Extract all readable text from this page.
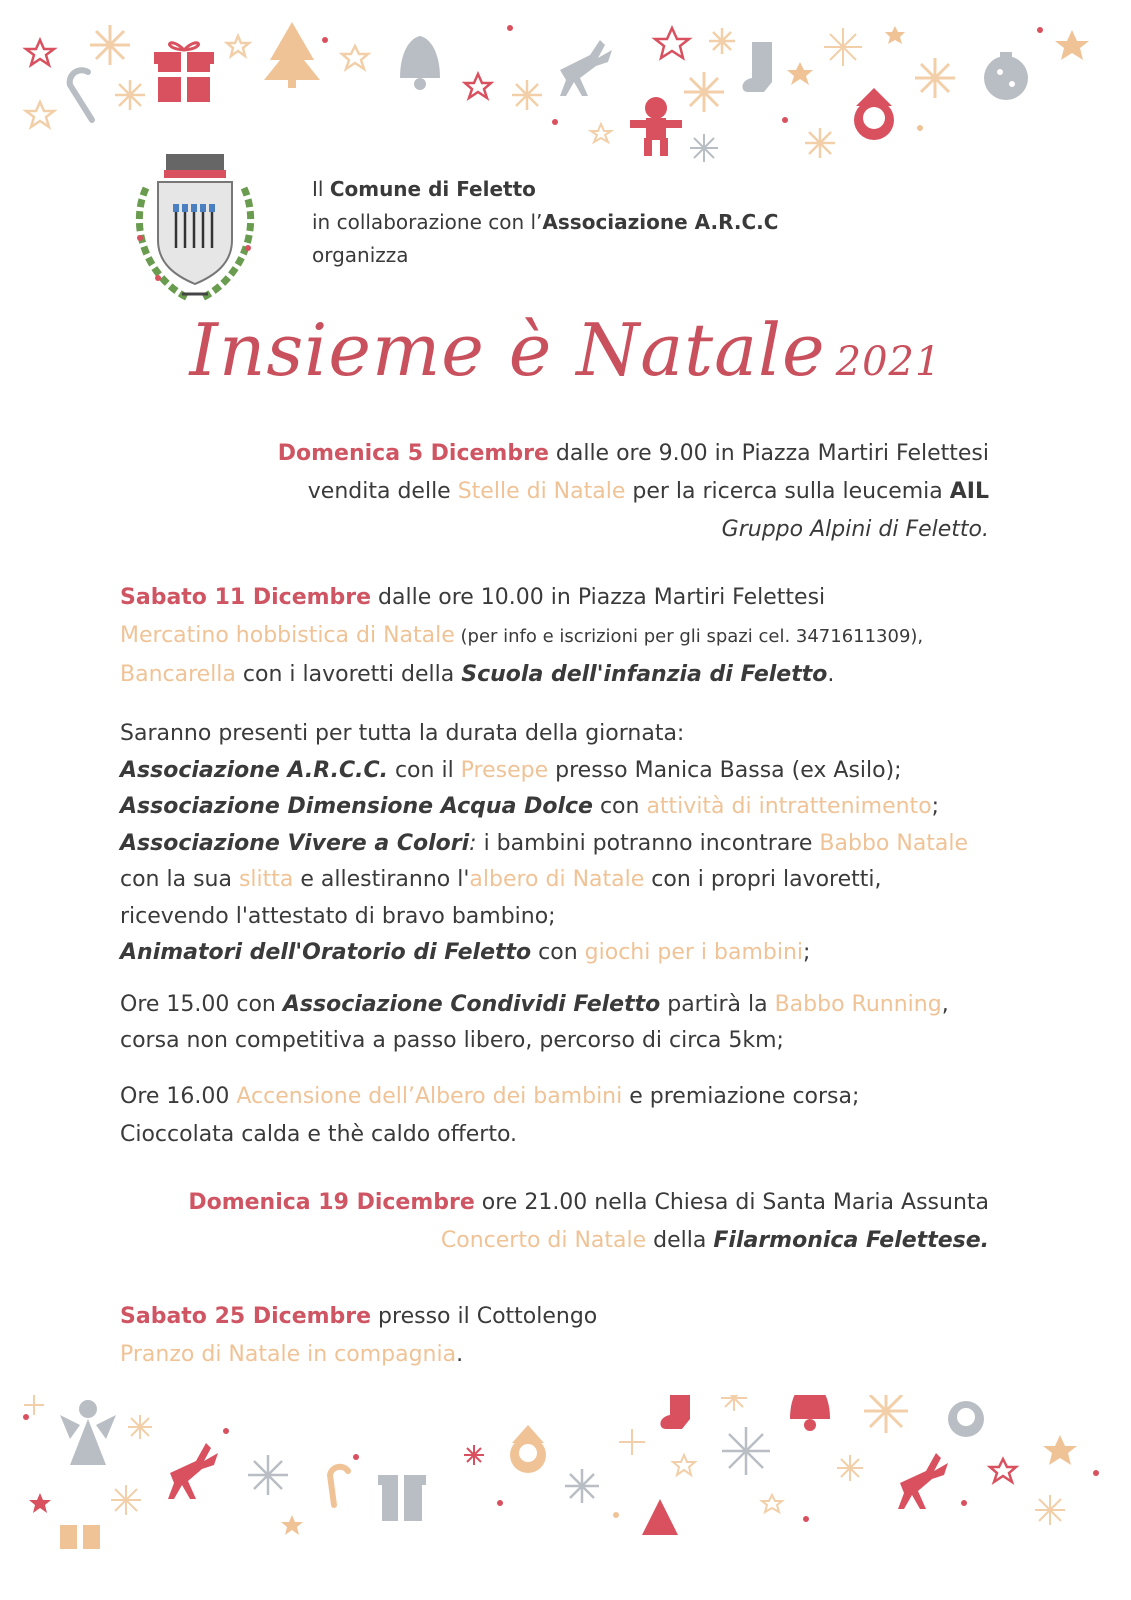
Il Comune di Feletto
in collaborazione con l’Associazione A.R.C.C
organizza
Insieme è Natale 2021

Domenica 5 Dicembre dalle ore 9.00 in Piazza Martiri Felettesi

vendita delle Stelle di Natale per la ricerca sulla leucemia AIL

Gruppo Alpini di Feletto.

Sabato 11 Dicembre dalle ore 10.00 in Piazza Martiri Felettesi

Mercatino hobbistica di Natale (per info e iscrizioni per gli spazi cel. 3471611309),

Bancarella con i lavoretti della Scuola dell'infanzia di Feletto.

Saranno presenti per tutta la durata della giornata:

Associazione A.R.C.C. con il Presepe presso Manica Bassa (ex Asilo);

Associazione Dimensione Acqua Dolce con attività di intrattenimento;

Associazione Vivere a Colori: i bambini potranno incontrare Babbo Natale

con la sua slitta e allestiranno l'albero di Natale con i propri lavoretti,

ricevendo l'attestato di bravo bambino;

Animatori dell'Oratorio di Feletto con giochi per i bambini;

Ore 15.00 con Associazione Condividi Feletto partirà la Babbo Running,

corsa non competitiva a passo libero, percorso di circa 5km;

Ore 16.00 Accensione dell’Albero dei bambini e premiazione corsa;

Cioccolata calda e thè caldo offerto.

Domenica 19 Dicembre ore 21.00 nella Chiesa di Santa Maria Assunta

Concerto di Natale della Filarmonica Felettese.

Sabato 25 Dicembre presso il Cottolengo

Pranzo di Natale in compagnia.
